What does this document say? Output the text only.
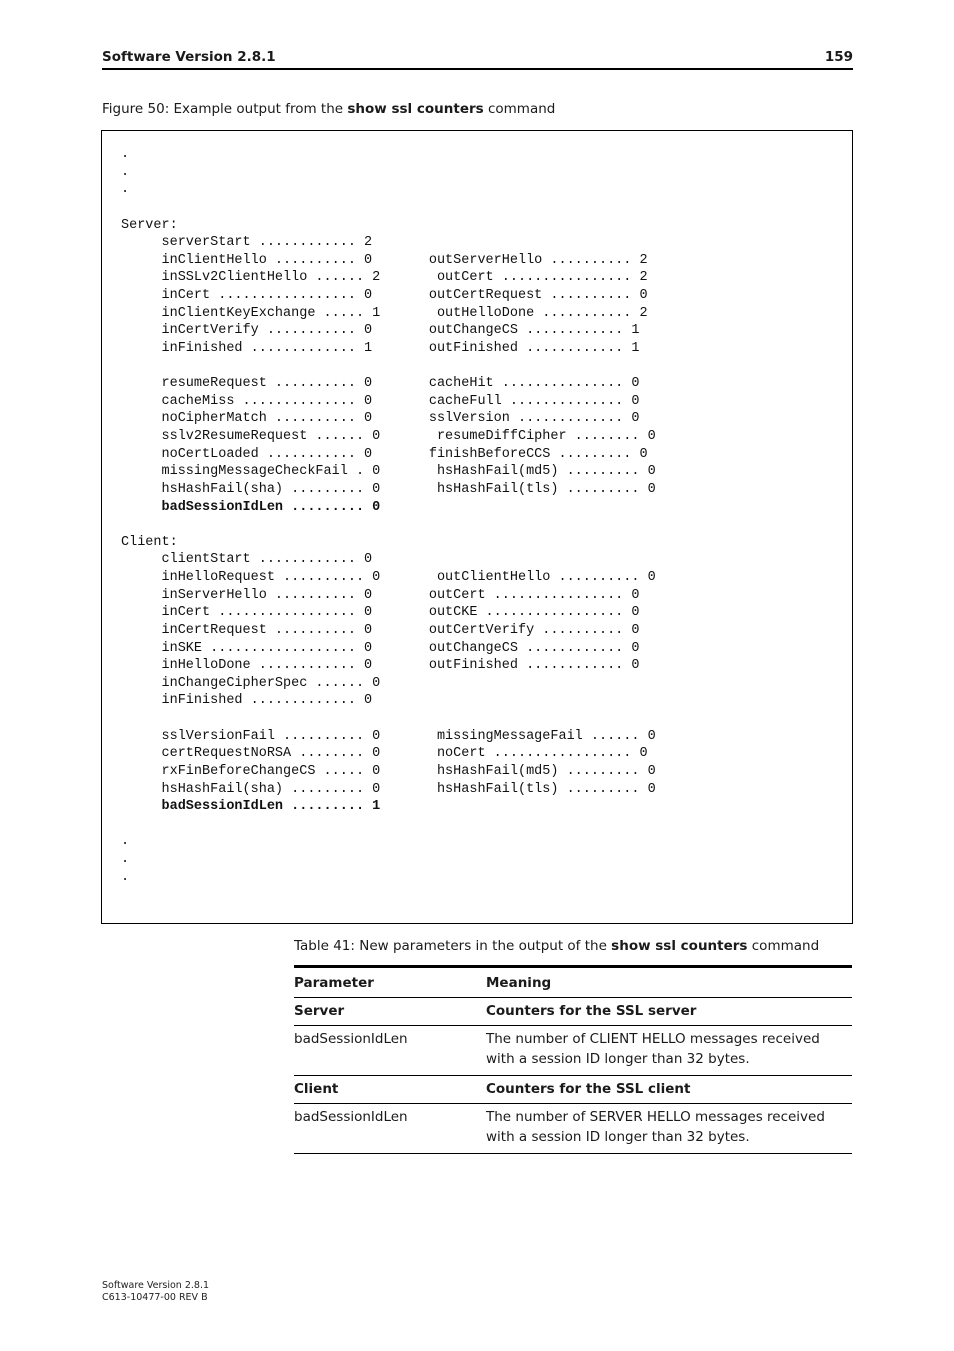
Software Version 2.8.1	159
Figure 50: Example output from the show ssl counters command
.
.
.
Server:
serverStart ............ 2
inClientHello .......... 0       outServerHello .......... 2
inSSLv2ClientHello ...... 2       outCert ................ 2
inCert ................. 0       outCertRequest .......... 0
inClientKeyExchange ..... 1       outHelloDone ........... 2
inCertVerify ........... 0       outChangeCS ............ 1
inFinished ............. 1       outFinished ............ 1
resumeRequest .......... 0       cacheHit ............... 0
cacheMiss .............. 0       cacheFull .............. 0
noCipherMatch .......... 0       sslVersion ............. 0
sslv2ResumeRequest ...... 0       resumeDiffCipher ........ 0
noCertLoaded ........... 0       finishBeforeCCS ......... 0
missingMessageCheckFail . 0       hsHashFail(md5) ......... 0
hsHashFail(sha) ......... 0       hsHashFail(tls) ......... 0
badSessionIdLen ......... 0
Client:
clientStart ............ 0
inHelloRequest .......... 0       outClientHello .......... 0
inServerHello .......... 0       outCert ................ 0
inCert ................. 0       outCKE ................. 0
inCertRequest .......... 0       outCertVerify .......... 0
inSKE .................. 0       outChangeCS ............ 0
inHelloDone ............ 0       outFinished ............ 0
inChangeCipherSpec ...... 0
inFinished ............. 0
sslVersionFail .......... 0       missingMessageFail ...... 0
certRequestNoRSA ........ 0       noCert ................. 0
rxFinBeforeChangeCS ..... 0       hsHashFail(md5) ......... 0
hsHashFail(sha) ......... 0       hsHashFail(tls) ......... 0
badSessionIdLen ......... 1
.
.
.
Table 41: New parameters in the output of the show ssl counters command
Parameter	Meaning
Server	Counters for the SSL server
badSessionIdLen	The number of CLIENT HELLO messages received with a session ID longer than 32 bytes.
Client	Counters for the SSL client
badSessionIdLen	The number of SERVER HELLO messages received with a session ID longer than 32 bytes.
Software Version 2.8.1
C613-10477-00 REV B
